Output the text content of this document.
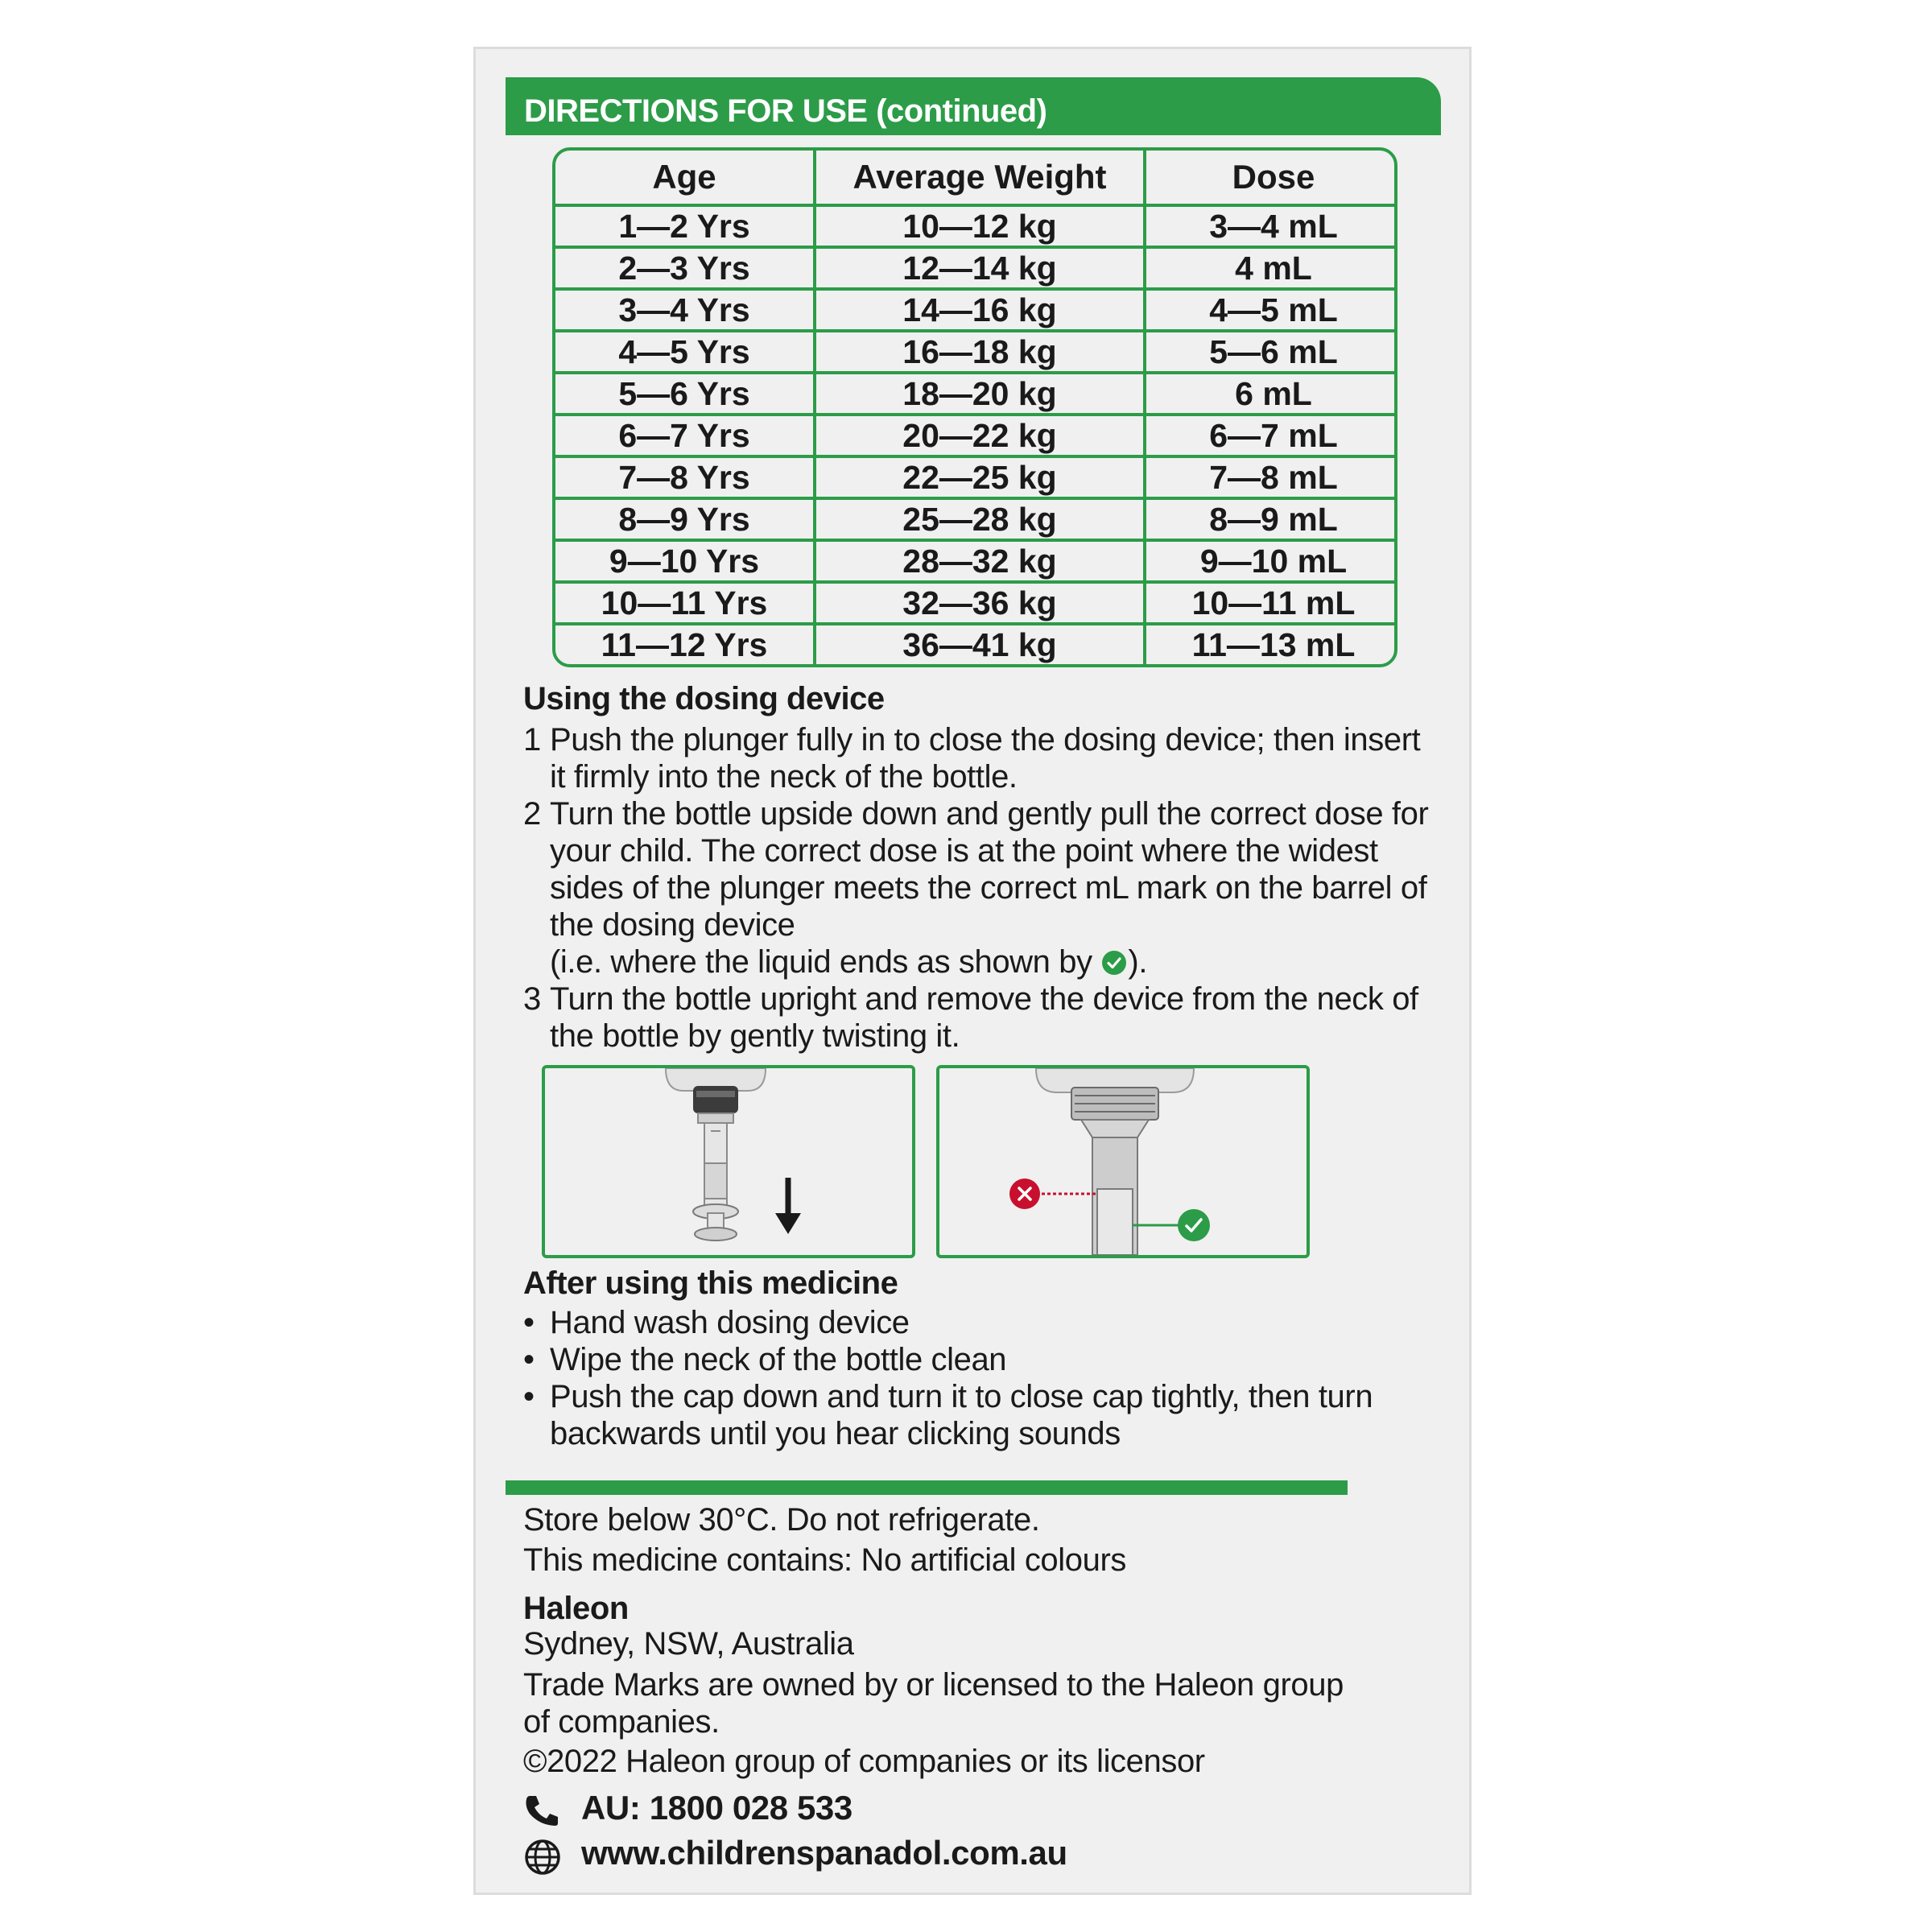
DIRECTIONS FOR USE (continued)
Age	Average Weight	Dose
1—2 Yrs	10—12 kg	3—4 mL
2—3 Yrs	12—14 kg	4 mL
3—4 Yrs	14—16 kg	4—5 mL
4—5 Yrs	16—18 kg	5—6 mL
5—6 Yrs	18—20 kg	6 mL
6—7 Yrs	20—22 kg	6—7 mL
7—8 Yrs	22—25 kg	7—8 mL
8—9 Yrs	25—28 kg	8—9 mL
9—10 Yrs	28—32 kg	9—10 mL
10—11 Yrs	32—36 kg	10—11 mL
11—12 Yrs	36—41 kg	11—13 mL
Using the dosing device
1 Push the plunger fully in to close the dosing device; then insert it firmly into the neck of the bottle.
2 Turn the bottle upside down and gently pull the correct dose for your child. The correct dose is at the point where the widest sides of the plunger meets the correct mL mark on the barrel of the dosing device
(i.e. where the liquid ends as shown by ).
3 Turn the bottle upright and remove the device from the neck of the bottle by gently twisting it.
After using this medicine
• Hand wash dosing device
• Wipe the neck of the bottle clean
• Push the cap down and turn it to close cap tightly, then turn backwards until you hear clicking sounds
Store below 30°C. Do not refrigerate.
This medicine contains: No artificial colours
Haleon
Sydney, NSW, Australia
Trade Marks are owned by or licensed to the Haleon group of companies.
©2022 Haleon group of companies or its licensor
AU: 1800 028 533
www.childrenspanadol.com.au
